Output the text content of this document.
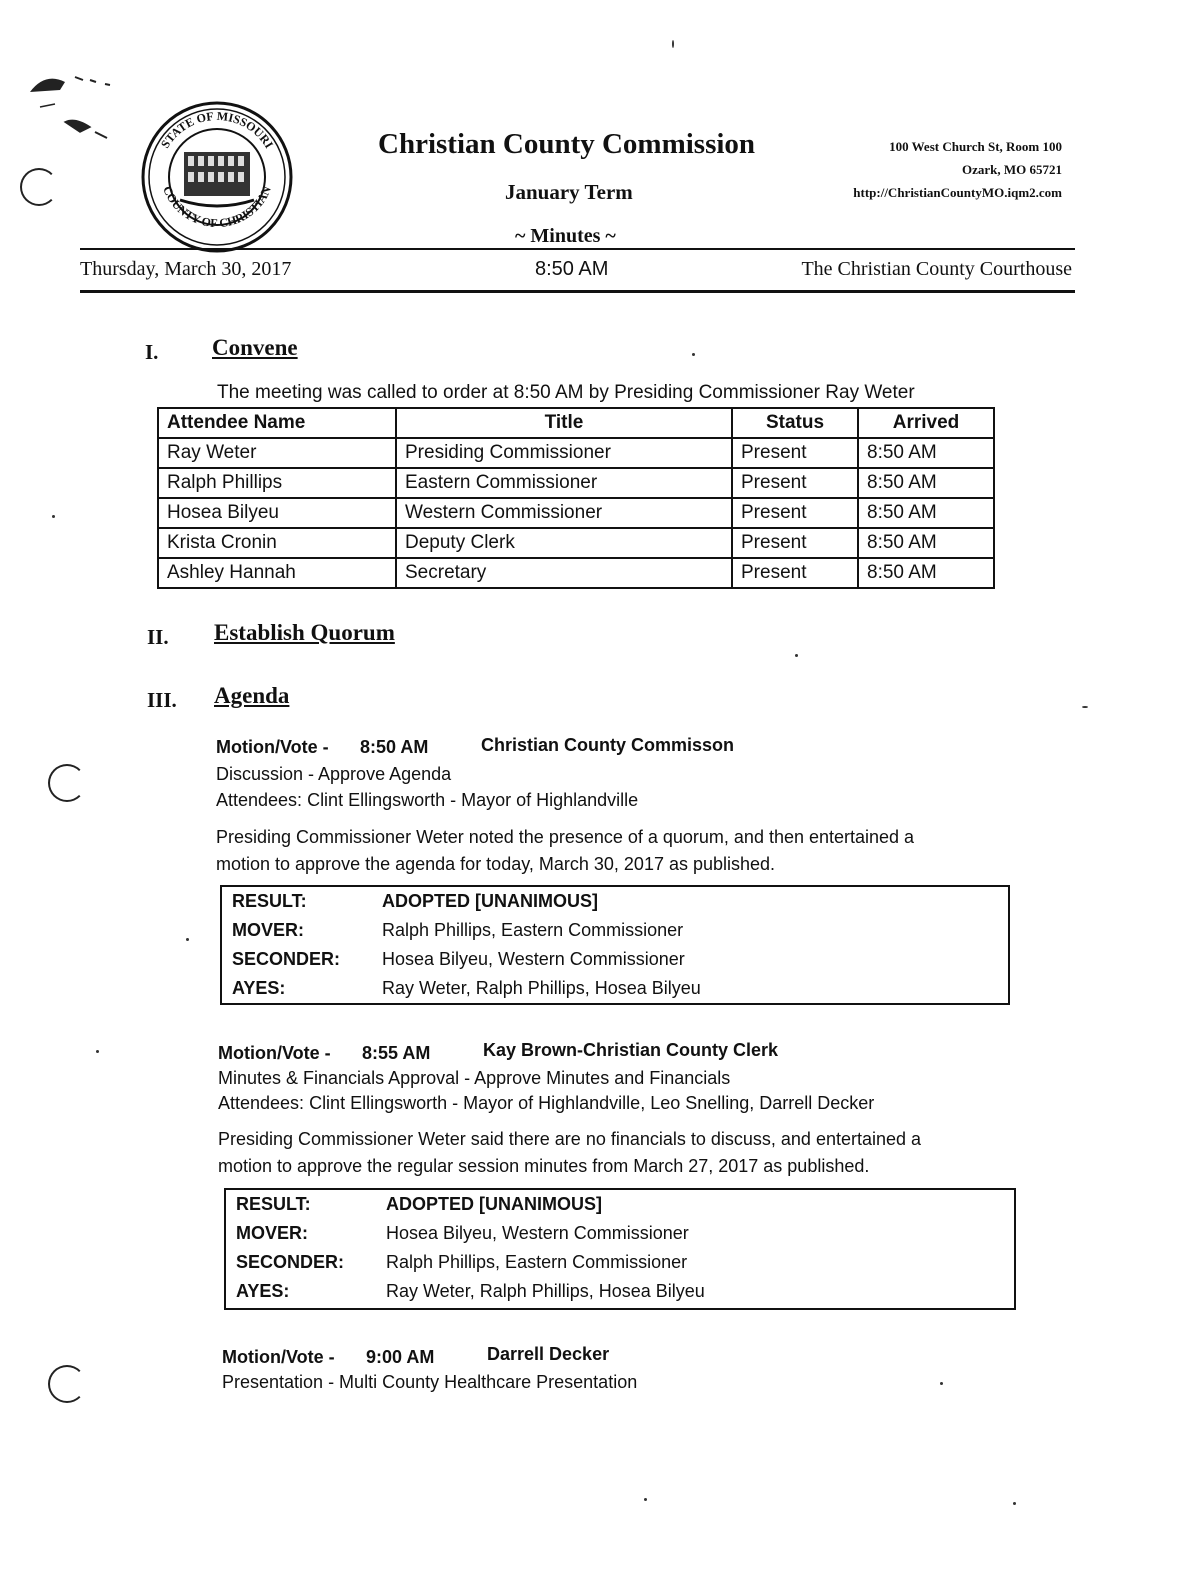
STATE OF MISSOURI
COUNTY OF CHRISTIAN
Christian County Commission
January Term
~ Minutes ~
100 West Church St, Room 100
Ozark, MO 65721
http://ChristianCountyMO.iqm2.com
Thursday, March 30, 2017	8:50 AM	The Christian County Courthouse
I. Convene
The meeting was called to order at 8:50 AM by Presiding Commissioner Ray Weter
Attendee Name	Title	Status	Arrived
Ray Weter	Presiding Commissioner	Present	8:50 AM
Ralph Phillips	Eastern Commissioner	Present	8:50 AM
Hosea Bilyeu	Western Commissioner	Present	8:50 AM
Krista Cronin	Deputy Clerk	Present	8:50 AM
Ashley Hannah	Secretary	Present	8:50 AM
II. Establish Quorum
III. Agenda
Motion/Vote - 8:50 AM	Christian County Commisson
Discussion - Approve Agenda
Attendees: Clint Ellingsworth - Mayor of Highlandville
Presiding Commissioner Weter noted the presence of a quorum, and then entertained a
motion to approve the agenda for today, March 30, 2017 as published.
RESULT:	ADOPTED [UNANIMOUS]
MOVER:	Ralph Phillips, Eastern Commissioner
SECONDER:	Hosea Bilyeu, Western Commissioner
AYES:	Ray Weter, Ralph Phillips, Hosea Bilyeu
Motion/Vote - 8:55 AM	Kay Brown-Christian County Clerk
Minutes & Financials Approval - Approve Minutes and Financials
Attendees: Clint Ellingsworth - Mayor of Highlandville, Leo Snelling, Darrell Decker
Presiding Commissioner Weter said there are no financials to discuss, and entertained a
motion to approve the regular session minutes from March 27, 2017 as published.
RESULT:	ADOPTED [UNANIMOUS]
MOVER:	Hosea Bilyeu, Western Commissioner
SECONDER:	Ralph Phillips, Eastern Commissioner
AYES:	Ray Weter, Ralph Phillips, Hosea Bilyeu
Motion/Vote - 9:00 AM	Darrell Decker
Presentation - Multi County Healthcare Presentation
